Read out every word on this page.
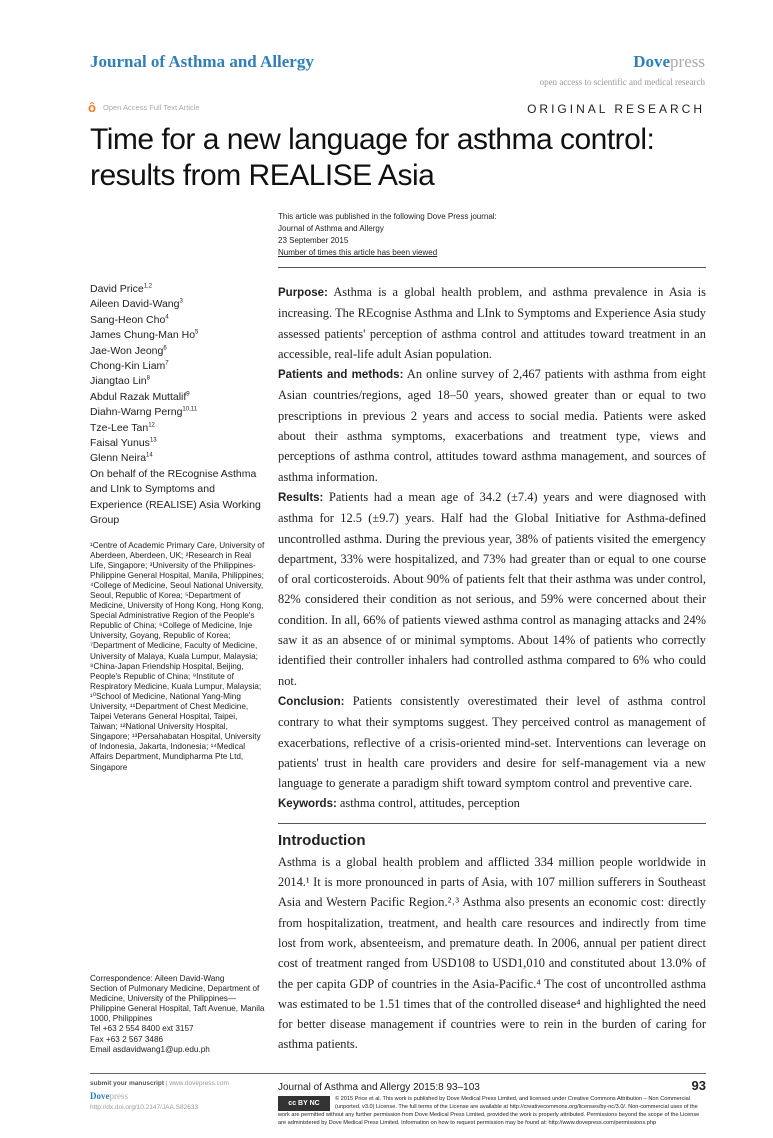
Journal of Asthma and Allergy	Dovepress
open access to scientific and medical research
ô Open Access Full Text Article	ORIGINAL RESEARCH
Time for a new language for asthma control: results from REALISE Asia
This article was published in the following Dove Press journal:
Journal of Asthma and Allergy
23 September 2015
Number of times this article has been viewed
David Price$^{1,2}$
Aileen David-Wang$^3$
Sang-Heon Cho$^4$
James Chung-Man Ho$^5$
Jae-Won Jeong$^6$
Chong-Kin Liam$^7$
Jiangtao Lin$^8$
Abdul Razak Muttalif$^9$
Diahn-Warng Perng$^{10,11}$
Tze-Lee Tan$^{12}$
Faisal Yunus$^{13}$
Glenn Neira$^{14}$
On behalf of the REcognise Asthma and LInk to Symptoms and Experience (REALISE) Asia Working Group
¹Centre of Academic Primary Care, University of Aberdeen, Aberdeen, UK; ²Research in Real Life, Singapore; ³University of the Philippines-Philippine General Hospital, Manila, Philippines; ⁴College of Medicine, Seoul National University, Seoul, Republic of Korea; ⁵Department of Medicine, University of Hong Kong, Hong Kong, Special Administrative Region of the People's Republic of China; ⁶College of Medicine, Inje University, Goyang, Republic of Korea; ⁷Department of Medicine, Faculty of Medicine, University of Malaya, Kuala Lumpur, Malaysia; ⁸China-Japan Friendship Hospital, Beijing, People's Republic of China; ⁹Institute of Respiratory Medicine, Kuala Lumpur, Malaysia; ¹⁰School of Medicine, National Yang-Ming University, ¹¹Department of Chest Medicine, Taipei Veterans General Hospital, Taipei, Taiwan; ¹²National University Hospital, Singapore; ¹³Persahabatan Hospital, University of Indonesia, Jakarta, Indonesia; ¹⁴Medical Affairs Department, Mundipharma Pte Ltd, Singapore
Correspondence: Aileen David-Wang
Section of Pulmonary Medicine, Department of Medicine, University of the Philippines—Philippine General Hospital, Taft Avenue, Manila 1000, Philippines
Tel +63 2 554 8400 ext 3157
Fax +63 2 567 3486
Email asdavidwang1@up.edu.ph

Purpose: Asthma is a global health problem, and asthma prevalence in Asia is increasing. The REcognise Asthma and LInk to Symptoms and Experience Asia study assessed patients' perception of asthma control and attitudes toward treatment in an accessible, real-life adult Asian population.

Patients and methods: An online survey of 2,467 patients with asthma from eight Asian countries/regions, aged 18–50 years, showed greater than or equal to two prescriptions in previous 2 years and access to social media. Patients were asked about their asthma symptoms, exacerbations and treatment type, views and perceptions of asthma control, attitudes toward asthma management, and sources of asthma information.

Results: Patients had a mean age of 34.2 (±7.4) years and were diagnosed with asthma for 12.5 (±9.7) years. Half had the Global Initiative for Asthma-defined uncontrolled asthma. During the previous year, 38% of patients visited the emergency department, 33% were hospitalized, and 73% had greater than or equal to one course of oral corticosteroids. About 90% of patients felt that their asthma was under control, 82% considered their condition as not serious, and 59% were concerned about their condition. In all, 66% of patients viewed asthma control as managing attacks and 24% saw it as an absence of or minimal symptoms. About 14% of patients who correctly identified their controller inhalers had controlled asthma compared to 6% who could not.

Conclusion: Patients consistently overestimated their level of asthma control contrary to what their symptoms suggest. They perceived control as management of exacerbations, reflective of a crisis-oriented mind-set. Interventions can leverage on patients' trust in health care providers and desire for self-management via a new language to generate a paradigm shift toward symptom control and preventive care.

Keywords: asthma control, attitudes, perception

Introduction

Asthma is a global health problem and afflicted 334 million people worldwide in 2014.¹ It is more pronounced in parts of Asia, with 107 million sufferers in Southeast Asia and Western Pacific Region.²˒³ Asthma also presents an economic cost: directly from hospitalization, treatment, and health care resources and indirectly from time lost from work, absenteeism, and premature death. In 2006, annual per patient direct cost of treatment ranged from USD108 to USD1,010 and constituted about 13.0% of the per capita GDP of countries in the Asia-Pacific.⁴ The cost of uncontrolled asthma was estimated to be 1.51 times that of the controlled disease⁴ and highlighted the need for better disease management if countries were to rein in the burden of caring for asthma patients.

submit your manuscript | www.dovepress.com
Dovepress
http://dx.doi.org/10.2147/JAA.S82633
Journal of Asthma and Allergy 2015:8 93–103	93
cc BY NC
© 2015 Price et al. This work is published by Dove Medical Press Limited, and licensed under Creative Commons Attribution – Non Commercial (unported, v3.0) License. The full terms of the License are available at http://creativecommons.org/licenses/by-nc/3.0/. Non-commercial uses of the work are permitted without any further permission from Dove Medical Press Limited, provided the work is properly attributed. Permissions beyond the scope of the License are administered by Dove Medical Press Limited. Information on how to request permission may be found at: http://www.dovepress.com/permissions.php
